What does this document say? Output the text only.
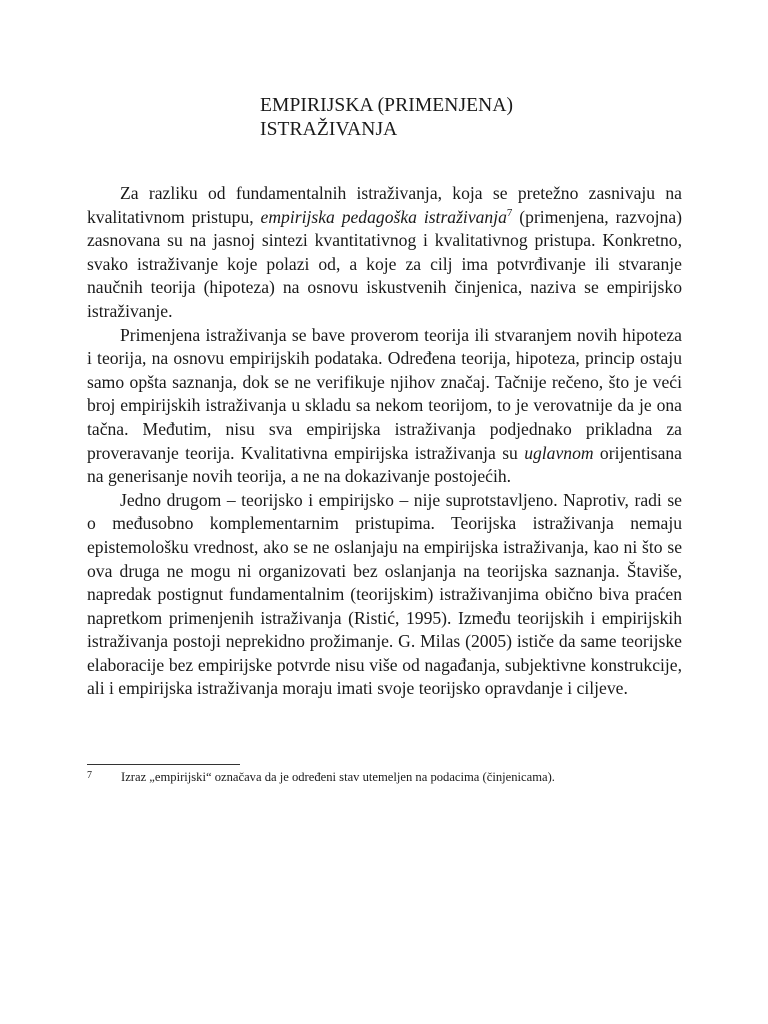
EMPIRIJSKA (PRIMENJENA)
ISTRAŽIVANJA

Za razliku od fundamentalnih istraživanja, koja se pretežno zasnivaju na kvalitativnom pristupu, empirijska pedagoška istraživanja$^7$ (primenjena, razvojna) zasnovana su na jasnoj sintezi kvantitativnog i kvalitativnog pristupa. Konkretno, svako istraživanje koje polazi od, a koje za cilj ima potvrđivanje ili stvaranje naučnih teorija (hipoteza) na osnovu iskustvenih činjenica, naziva se empirijsko istraživanje.

Primenjena istraživanja se bave proverom teorija ili stvaranjem novih hipoteza i teorija, na osnovu empirijskih podataka. Određena teorija, hipoteza, princip ostaju samo opšta saznanja, dok se ne verifikuje njihov značaj. Tačnije rečeno, što je veći broj empirijskih istraživanja u skladu sa nekom teorijom, to je verovatnije da je ona tačna. Međutim, nisu sva empirijska istraživanja podjednako prikladna za proveravanje teorija. Kvalitativna empirijska istraživanja su uglavnom orijentisana na generisanje novih teorija, a ne na dokazivanje postojećih.

Jedno drugom – teorijsko i empirijsko – nije suprotstavljeno. Naprotiv, radi se o međusobno komplementarnim pristupima. Teorijska istraživanja nemaju epistemološku vrednost, ako se ne oslanjaju na empirijska istraživanja, kao ni što se ova druga ne mogu ni organizovati bez oslanjanja na teorijska saznanja. Štaviše, napredak postignut fundamentalnim (teorijskim) istraživanjima obično biva praćen napretkom primenjenih istraživanja (Ristić, 1995). Između teorijskih i empirijskih istraživanja postoji neprekidno prožimanje. G. Milas (2005) ističe da same teorijske elaboracije bez empirijske potvrde nisu više od nagađanja, subjektivne konstrukcije, ali i empirijska istraživanja moraju imati svoje teorijsko opravdanje i ciljeve.

7 Izraz „empirijski“ označava da je određeni stav utemeljen na podacima (činjenicama).
